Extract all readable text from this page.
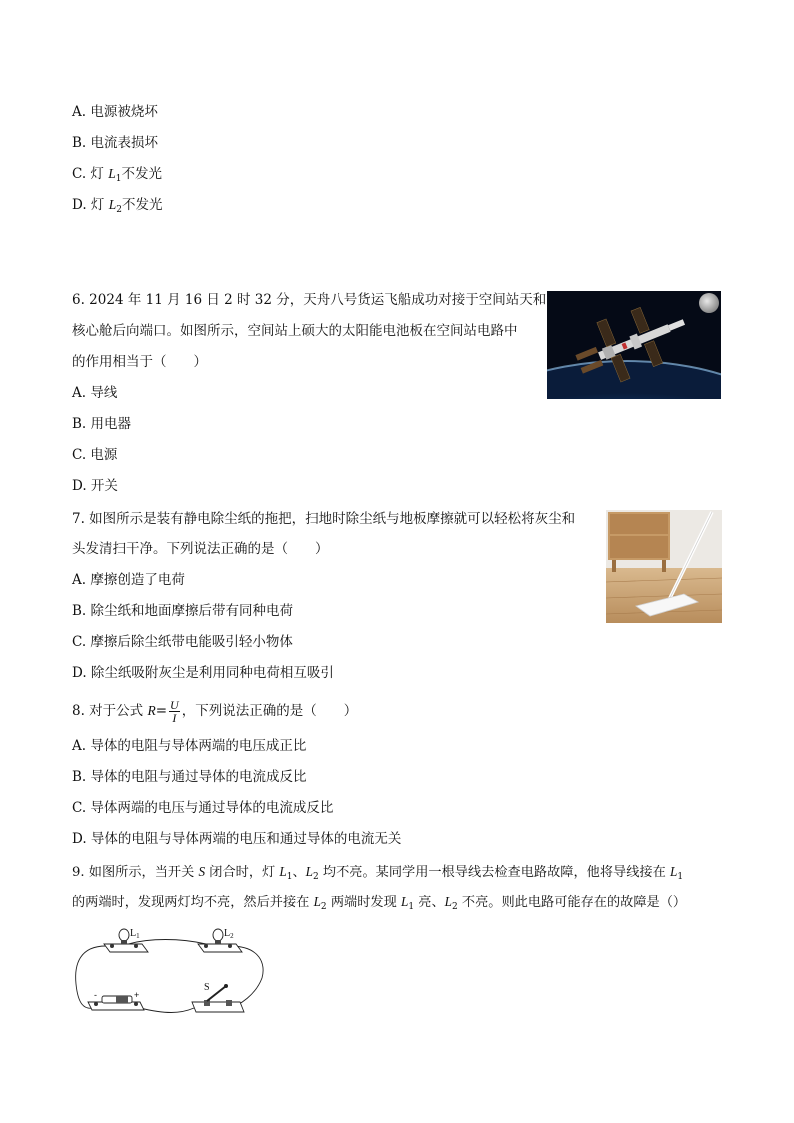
A. 电源被烧坏
B. 电流表损坏
C. 灯 $L_1$不发光
D. 灯 $L_2$不发光
6. 2024 年 11 月 16 日 2 时 32 分，天舟八号货运飞船成功对接于空间站天和
核心舱后向端口。如图所示，空间站上硕大的太阳能电池板在空间站电路中
的作用相当于（　　）
A. 导线
B. 用电器
C. 电源
D. 开关
7. 如图所示是装有静电除尘纸的拖把，扫地时除尘纸与地板摩擦就可以轻松将灰尘和
头发清扫干净。下列说法正确的是（　　）
A. 摩擦创造了电荷
B. 除尘纸和地面摩擦后带有同种电荷
C. 摩擦后除尘纸带电能吸引轻小物体
D. 除尘纸吸附灰尘是利用同种电荷相互吸引
8. 对于公式 $R= \frac{U}{I}$ ，下列说法正确的是（　　）
A. 导体的电阻与导体两端的电压成正比
B. 导体的电阻与通过导体的电流成反比
C. 导体两端的电压与通过导体的电流成反比
D. 导体的电阻与导体两端的电压和通过导体的电流无关
9. 如图所示，当开关 S 闭合时，灯 $L_1$、$L_2$ 均不亮。某同学用一根导线去检查电路故障，他将导线接在 $L_1$
的两端时，发现两灯均不亮，然后并接在 $L_2$ 两端时发现 $L_1$ 亮、$L_2$ 不亮。则此电路可能存在的故障是（）
$L_1$	$L_2$
S
-	+
